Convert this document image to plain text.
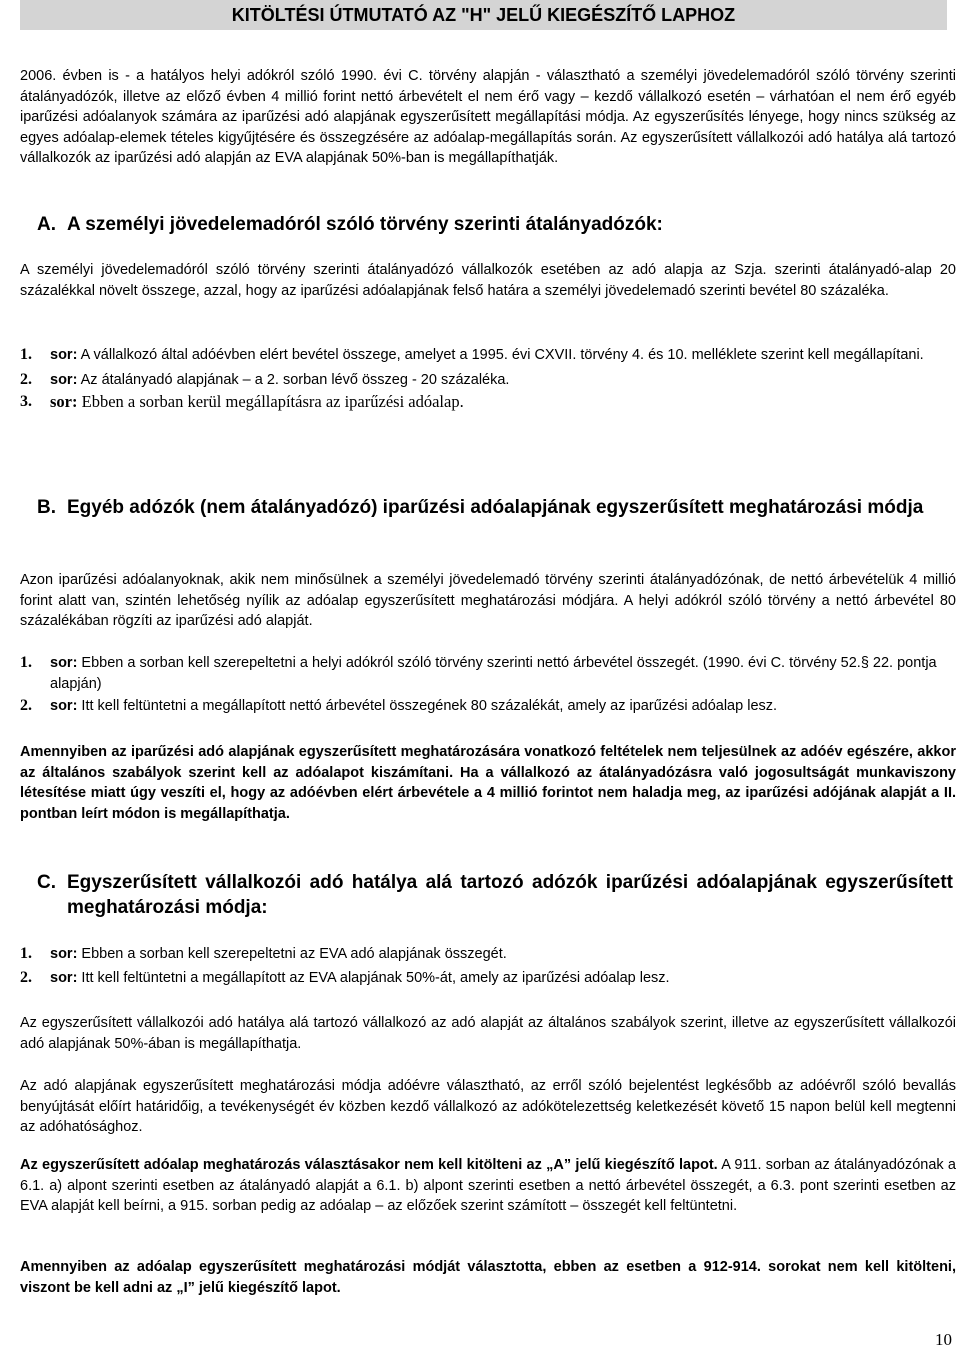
KITÖLTÉSI ÚTMUTATÓ AZ "H" JELŰ KIEGÉSZÍTŐ LAPHOZ
2006. évben is - a hatályos helyi adókról szóló 1990. évi C. törvény alapján - választható a személyi jövedelemadóról szóló törvény szerinti átalányadózók, illetve az előző évben 4 millió forint nettó árbevételt el nem érő vagy – kezdő vállalkozó esetén – várhatóan el nem érő egyéb iparűzési adóalanyok számára az iparűzési adó alapjának egyszerűsített megállapítási módja. Az egyszerűsítés lényege, hogy nincs szükség az egyes adóalap-elemek tételes kigyűjtésére és összegzésére az adóalap-megállapítás során. Az egyszerűsített vállalkozói adó hatálya alá tartozó vállalkozók az iparűzési adó alapján az EVA alapjának 50%-ban is megállapíthatják.
A. A személyi jövedelemadóról szóló törvény szerinti átalányadózók:
A személyi jövedelemadóról szóló törvény szerinti átalányadózó vállalkozók esetében az adó alapja az Szja. szerinti átalányadó-alap 20 százalékkal növelt összege, azzal, hogy az iparűzési adóalapjának felső határa a személyi jövedelemadó szerinti bevétel 80 százaléka.
1. sor: A vállalkozó által adóévben elért bevétel összege, amelyet a 1995. évi CXVII. törvény 4. és 10. melléklete szerint kell megállapítani.
2. sor: Az átalányadó alapjának – a 2. sorban lévő összeg - 20 százaléka.
3. sor: Ebben a sorban kerül megállapításra az iparűzési adóalap.
B. Egyéb adózók (nem átalányadózó) iparűzési adóalapjának egyszerűsített meghatározási módja
Azon iparűzési adóalanyoknak, akik nem minősülnek a személyi jövedelemadó törvény szerinti átalányadózónak, de nettó árbevételük 4 millió forint alatt van, szintén lehetőség nyílik az adóalap egyszerűsített meghatározási módjára. A helyi adókról szóló törvény a nettó árbevétel 80 százalékában rögzíti az iparűzési adó alapját.
1. sor: Ebben a sorban kell szerepeltetni a helyi adókról szóló törvény szerinti nettó árbevétel összegét. (1990. évi C. törvény 52.§ 22. pontja alapján)
2. sor: Itt kell feltüntetni a megállapított nettó árbevétel összegének 80 százalékát, amely az iparűzési adóalap lesz.
Amennyiben az iparűzési adó alapjának egyszerűsített meghatározására vonatkozó feltételek nem teljesülnek az adóév egészére, akkor az általános szabályok szerint kell az adóalapot kiszámítani. Ha a vállalkozó az átalányadózásra való jogosultságát munkaviszony létesítése miatt úgy veszíti el, hogy az adóévben elért árbevétele a 4 millió forintot nem haladja meg, az iparűzési adójának alapját a II. pontban leírt módon is megállapíthatja.
C. Egyszerűsített vállalkozói adó hatálya alá tartozó adózók iparűzési adóalapjának egyszerűsített meghatározási módja:
1. sor: Ebben a sorban kell szerepeltetni az EVA adó alapjának összegét.
2. sor: Itt kell feltüntetni a megállapított az EVA alapjának 50%-át, amely az iparűzési adóalap lesz.
Az egyszerűsített vállalkozói adó hatálya alá tartozó vállalkozó az adó alapját az általános szabályok szerint, illetve az egyszerűsített vállalkozói adó alapjának 50%-ában is megállapíthatja.
Az adó alapjának egyszerűsített meghatározási módja adóévre választható, az erről szóló bejelentést legkésőbb az adóévről szóló bevallás benyújtását előírt határidőig, a tevékenységét év közben kezdő vállalkozó az adókötelezettség keletkezését követő 15 napon belül kell megtenni az adóhatósághoz.
Az egyszerűsített adóalap meghatározás választásakor nem kell kitölteni az „A” jelű kiegészítő lapot. A 911. sorban az átalányadózónak a 6.1. a) alpont szerinti esetben az átalányadó alapját a 6.1. b) alpont szerinti esetben a nettó árbevétel összegét, a 6.3. pont szerinti esetben az EVA alapját kell beírni, a 915. sorban pedig az adóalap – az előzőek szerint számított – összegét kell feltüntetni.
Amennyiben az adóalap egyszerűsített meghatározási módját választotta, ebben az esetben a 912-914. sorokat nem kell kitölteni, viszont be kell adni az „I” jelű kiegészítő lapot.
10
